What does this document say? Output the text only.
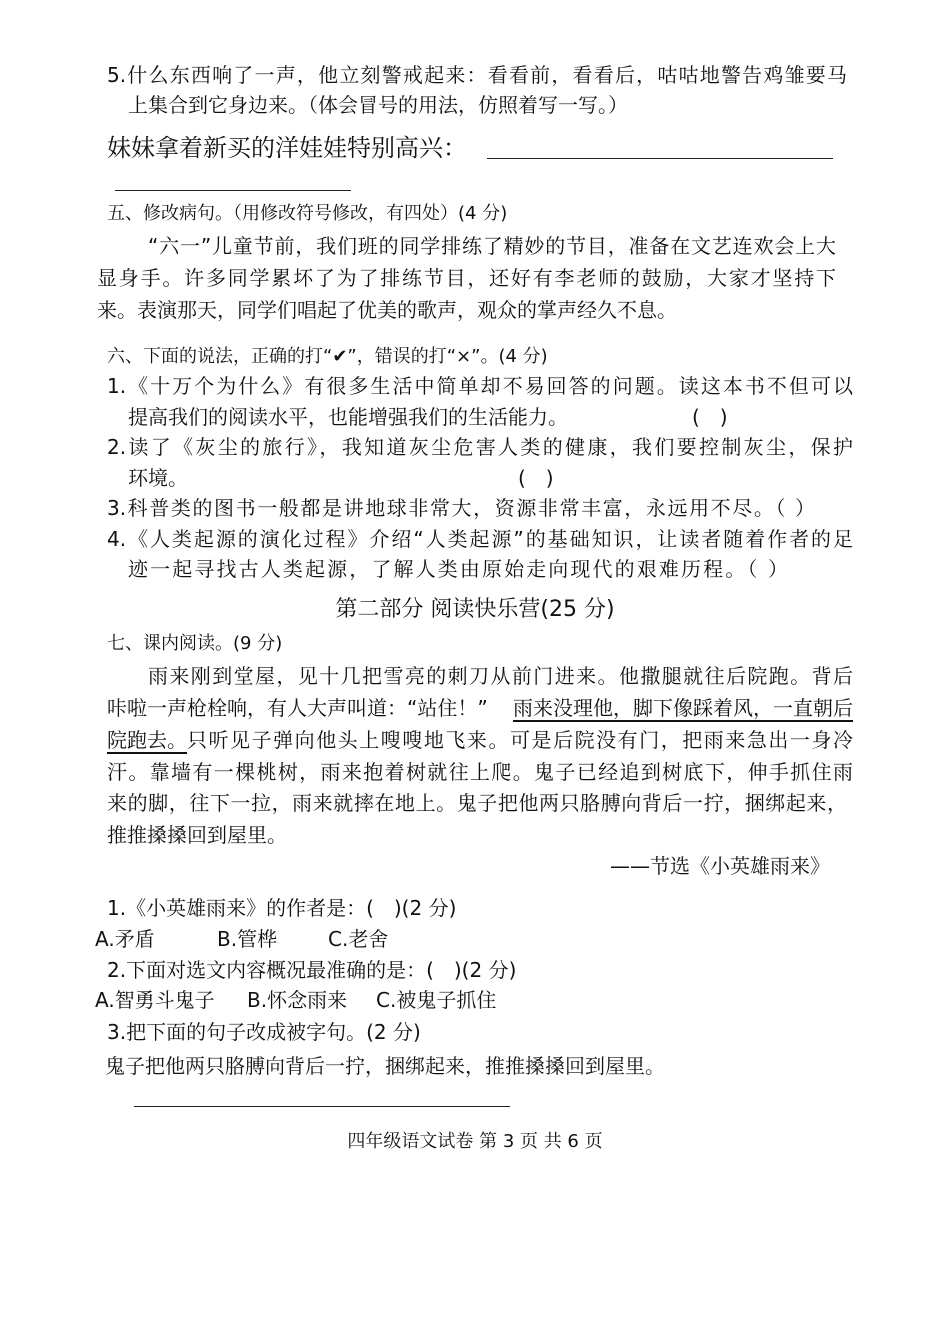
5.什么东西响了一声，他立刻警戒起来：看看前，看看后，咕咕地警告鸡雏要马
上集合到它身边来。（体会冒号的用法，仿照着写一写。）
妹妹拿着新买的洋娃娃特别高兴：
五、修改病句。（用修改符号修改，有四处）(4 分)
“六一”儿童节前，我们班的同学排练了精妙的节目，准备在文艺连欢会上大
显身手。许多同学累坏了为了排练节目，还好有李老师的鼓励，大家才坚持下
来。表演那天，同学们唱起了优美的歌声，观众的掌声经久不息。
六、下面的说法，正确的打“✔”，错误的打“×”。(4 分)
1.《十万个为什么》有很多生活中简单却不易回答的问题。读这本书不但可以
提高我们的阅读水平，也能增强我们的生活能力。	(　)
2.读了《灰尘的旅行》，我知道灰尘危害人类的健康，我们要控制灰尘，保护
环境。	(　)
3.科普类的图书一般都是讲地球非常大，资源非常丰富，永远用不尽。（ ）
4.《人类起源的演化过程》介绍“人类起源”的基础知识，让读者随着作者的足
迹一起寻找古人类起源，了解人类由原始走向现代的艰难历程。（ ）
第二部分 阅读快乐营(25 分)
七、课内阅读。(9 分)
雨来刚到堂屋，见十几把雪亮的刺刀从前门进来。他撒腿就往后院跑。背后
咔啦一声枪栓响，有人大声叫道：“站住！” 雨来没理他，脚下像踩着风，一直朝后
院跑去。 只听见子弹向他头上嗖嗖地飞来。可是后院没有门，把雨来急出一身冷
汗。靠墙有一棵桃树，雨来抱着树就往上爬。鬼子已经追到树底下，伸手抓住雨
来的脚，往下一拉，雨来就摔在地上。鬼子把他两只胳膊向背后一拧，捆绑起来，
推推搡搡回到屋里。
——节选《小英雄雨来》
1.《小英雄雨来》的作者是：(　)(2 分)
A.矛盾	B.管桦	C.老舍
2.下面对选文内容概况最准确的是：(　)(2 分)
A.智勇斗鬼子 B.怀念雨来 C.被鬼子抓住
3.把下面的句子改成被字句。(2 分)
鬼子把他两只胳膊向背后一拧，捆绑起来，推推搡搡回到屋里。
四年级语文试卷 第 3 页 共 6 页
